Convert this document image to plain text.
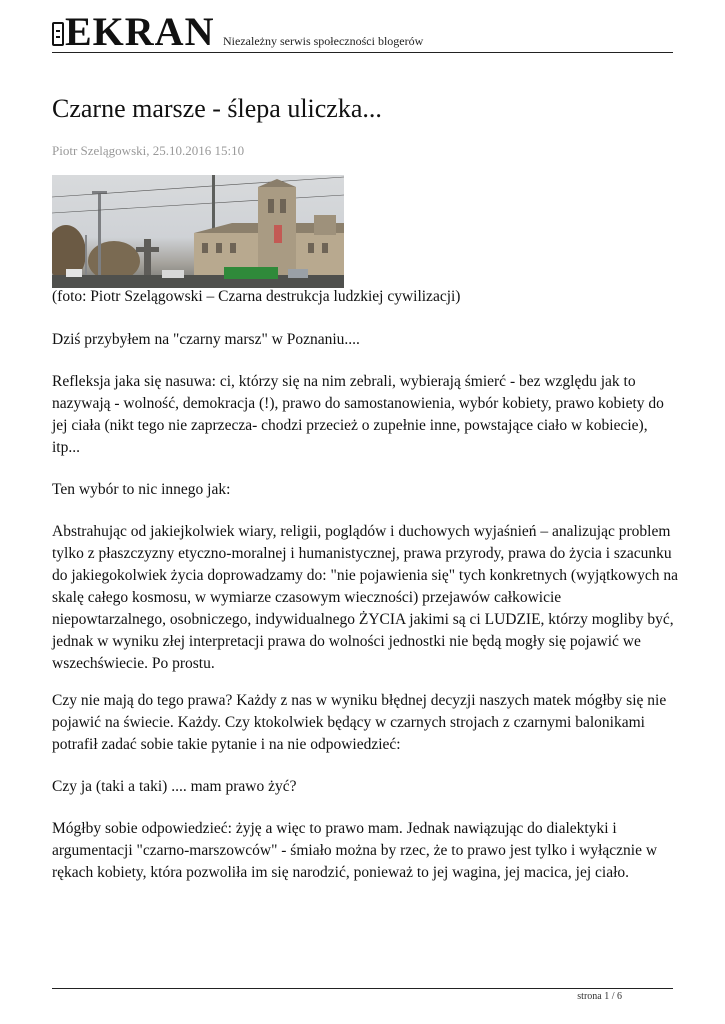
EKRAN Niezależny serwis społeczności blogerów
Czarne marsze - ślepa uliczka...
Piotr Szelągowski, 25.10.2016 15:10
(foto: Piotr Szelągowski – Czarna destrukcja ludzkiej cywilizacji)

Dziś przybyłem na "czarny marsz" w Poznaniu....

Refleksja jaka się nasuwa: ci, którzy się na nim zebrali, wybierają śmierć - bez względu jak to nazywają - wolność, demokracja (!), prawo do samostanowienia, wybór kobiety, prawo kobiety do jej ciała (nikt tego nie zaprzecza- chodzi przecież o zupełnie inne, powstające ciało w kobiecie), itp...

Ten wybór to nic innego jak:

Abstrahując od jakiejkolwiek wiary, religii, poglądów i duchowych wyjaśnień – analizując problem tylko z płaszczyzny etyczno-moralnej i humanistycznej, prawa przyrody, prawa do życia i szacunku do jakiegokolwiek życia doprowadzamy do: "nie pojawienia się" tych konkretnych (wyjątkowych na skalę całego kosmosu, w wymiarze czasowym wieczności) przejawów całkowicie niepowtarzalnego, osobniczego, indywidualnego ŻYCIA jakimi są ci LUDZIE, którzy mogliby być, jednak w wyniku złej interpretacji prawa do wolności jednostki nie będą mogły się pojawić we wszechświecie. Po prostu.

Czy nie mają do tego prawa? Każdy z nas w wyniku błędnej decyzji naszych matek mógłby się nie pojawić na świecie. Każdy. Czy ktokolwiek będący w czarnych strojach z czarnymi balonikami potrafił zadać sobie takie pytanie i na nie odpowiedzieć:

Czy ja (taki a taki) .... mam prawo żyć?

Mógłby sobie odpowiedzieć: żyję a więc to prawo mam. Jednak nawiązując do dialektyki i argumentacji "czarno-marszowców" - śmiało można by rzec, że to prawo jest tylko i wyłącznie w rękach kobiety, która pozwoliła im się narodzić, ponieważ to jej wagina, jej macica, jej ciało.

strona 1 / 6
